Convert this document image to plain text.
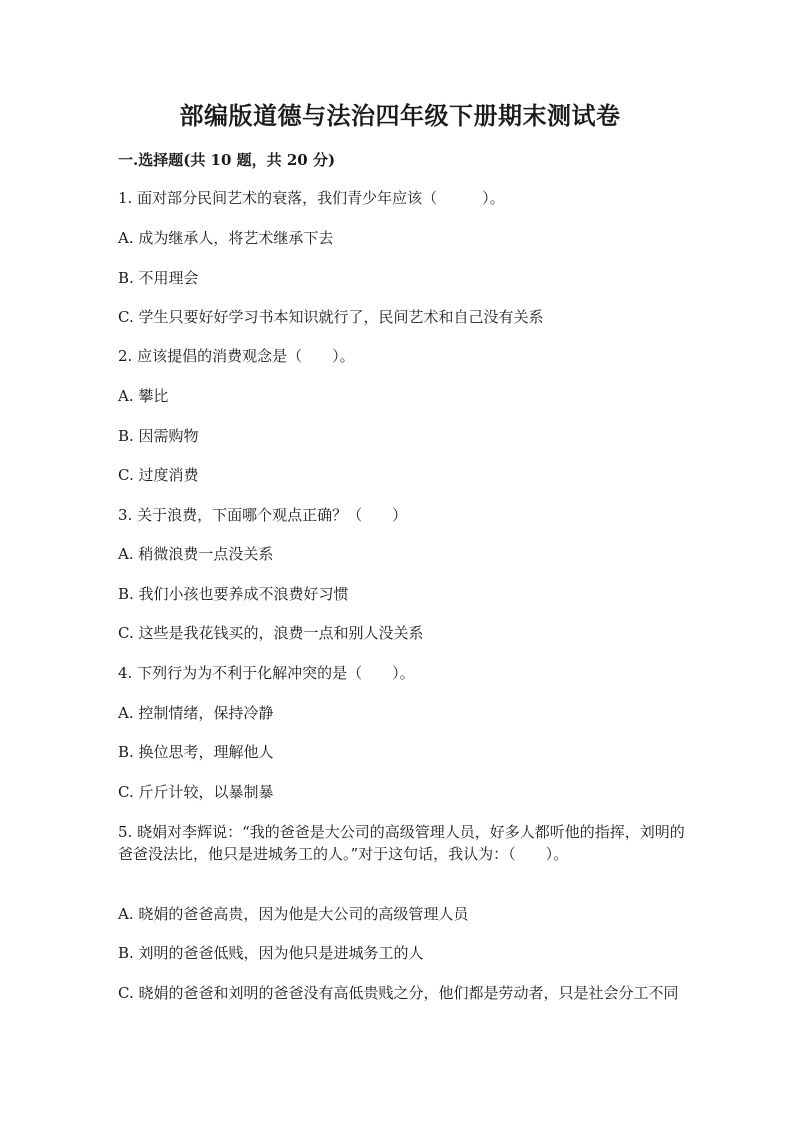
部编版道德与法治四年级下册期末测试卷
一.选择题(共 10 题，共 20 分)
1. 面对部分民间艺术的衰落，我们青少年应该（　　　）。
A. 成为继承人，将艺术继承下去
B. 不用理会
C. 学生只要好好学习书本知识就行了，民间艺术和自己没有关系
2. 应该提倡的消费观念是（　　）。
A. 攀比
B. 因需购物
C. 过度消费
3. 关于浪费，下面哪个观点正确？（　　）
A. 稍微浪费一点没关系
B. 我们小孩也要养成不浪费好习惯
C. 这些是我花钱买的，浪费一点和别人没关系
4. 下列行为为不利于化解冲突的是（　　）。
A. 控制情绪，保持冷静
B. 换位思考，理解他人
C. 斤斤计较，以暴制暴
5. 晓娟对李辉说：“我的爸爸是大公司的高级管理人员，好多人都听他的指挥，刘明的爸爸没法比，他只是进城务工的人。”对于这句话，我认为：（　　）。
A. 晓娟的爸爸高贵，因为他是大公司的高级管理人员
B. 刘明的爸爸低贱，因为他只是进城务工的人
C. 晓娟的爸爸和刘明的爸爸没有高低贵贱之分，他们都是劳动者，只是社会分工不同
